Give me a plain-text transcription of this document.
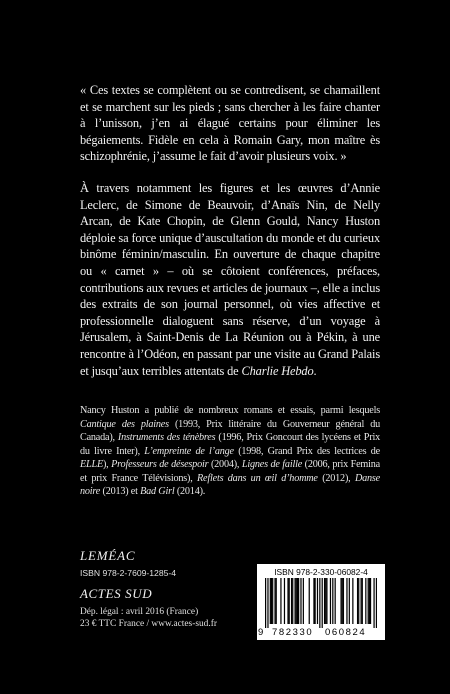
« Ces textes se complètent ou se contredisent, se chamaillent et se marchent sur les pieds ; sans chercher à les faire chanter à l’unisson, j’en ai élagué certains pour éliminer les bégaiements. Fidèle en cela à Romain Gary, mon maître ès schizophrénie, j’assume le fait d’avoir plusieurs voix. »

À travers notamment les figures et les œuvres d’Annie Leclerc, de Simone de Beauvoir, d’Anaïs Nin, de Nelly Arcan, de Kate Chopin, de Glenn Gould, Nancy Huston déploie sa force unique d’auscultation du monde et du curieux binôme féminin/masculin. En ouverture de chaque chapitre ou « carnet » – où se côtoient conférences, préfaces, contributions aux revues et articles de journaux –, elle a inclus des extraits de son journal personnel, où vies affective et professionnelle dialoguent sans réserve, d’un voyage à Jérusalem, à Saint-Denis de La Réunion ou à Pékin, à une rencontre à l’Odéon, en passant par une visite au Grand Palais et jusqu’aux terribles attentats de Charlie Hebdo.

Nancy Huston a publié de nombreux romans et essais, parmi lesquels Cantique des plaines (1993, Prix littéraire du Gouverneur général du Canada), Instruments des ténèbres (1996, Prix Goncourt des lycéens et Prix du livre Inter), L’empreinte de l’ange (1998, Grand Prix des lectrices de ELLE), Professeurs de désespoir (2004), Lignes de faille (2006, prix Femina et prix France Télévisions), Reflets dans un œil d’homme (2012), Danse noire (2013) et Bad Girl (2014).

LEMÉAC
ISBN 978-2-7609-1285-4
ACTES SUD
Dép. légal : avril 2016 (France)
23 € TTC France / www.actes-sud.fr
ISBN 978-2-330-06082-4
9 782330 060824
